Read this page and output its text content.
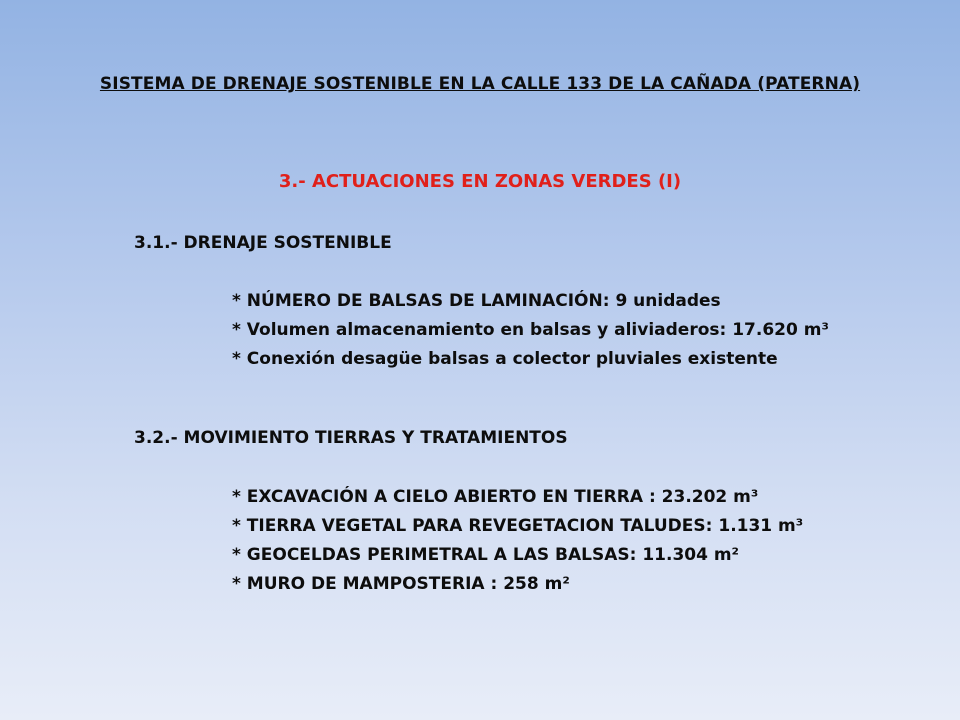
SISTEMA DE DRENAJE SOSTENIBLE EN LA CALLE 133 DE LA CAÑADA (PATERNA)
3.- ACTUACIONES EN ZONAS VERDES (I)
3.1.- DRENAJE SOSTENIBLE
* NÚMERO DE BALSAS DE LAMINACIÓN: 9 unidades
* Volumen almacenamiento en balsas y aliviaderos: 17.620 m³
* Conexión desagüe balsas a colector pluviales existente
3.2.- MOVIMIENTO TIERRAS Y TRATAMIENTOS
* EXCAVACIÓN A CIELO ABIERTO EN TIERRA : 23.202 m³
* TIERRA VEGETAL PARA REVEGETACION TALUDES: 1.131 m³
* GEOCELDAS PERIMETRAL A LAS BALSAS: 11.304 m²
* MURO DE MAMPOSTERIA : 258 m²
